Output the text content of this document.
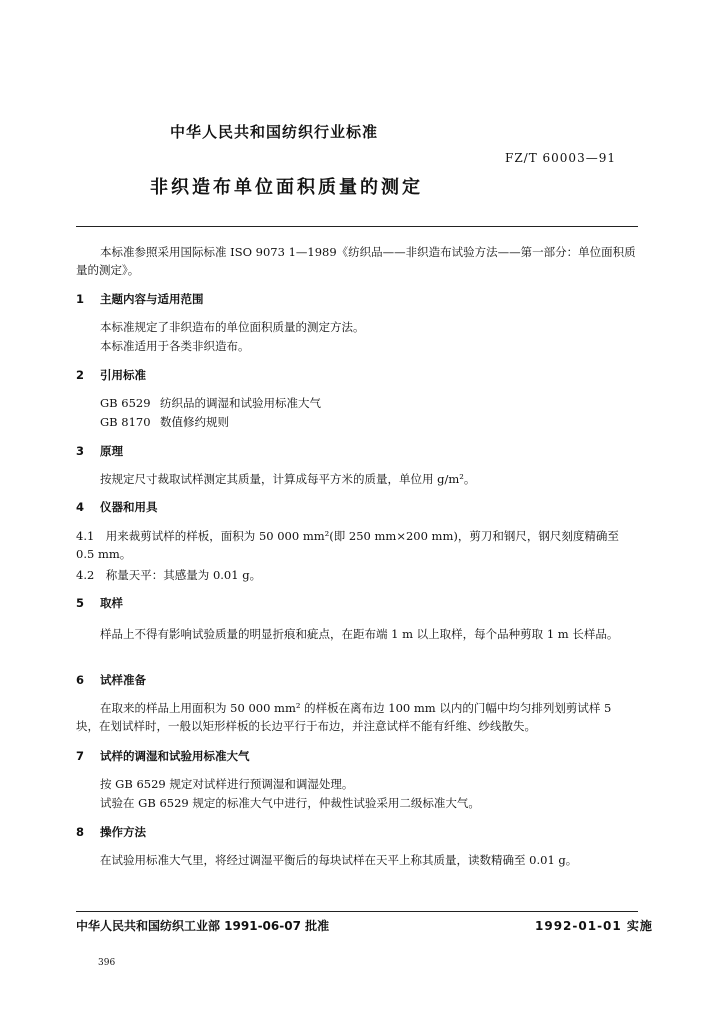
中华人民共和国纺织行业标准
FZ/T 60003—91
非织造布单位面积质量的测定
本标准参照采用国际标准 ISO 9073 1—1989《纺织品——非织造布试验方法——第一部分：单位面积质量的测定》。
1 主题内容与适用范围
本标准规定了非织造布的单位面积质量的测定方法。
本标准适用于各类非织造布。
2 引用标准
GB 6529 纺织品的调湿和试验用标准大气
GB 8170 数值修约规则
3 原理
按规定尺寸裁取试样测定其质量，计算成每平方米的质量，单位用 g/m²。
4 仪器和用具
4.1　用来裁剪试样的样板，面积为 50 000 mm²(即 250 mm×200 mm)，剪刀和钢尺，钢尺刻度精确至 0.5 mm。
4.2　称量天平：其感量为 0.01 g。
5 取样
样品上不得有影响试验质量的明显折痕和疵点，在距布端 1 m 以上取样，每个品种剪取 1 m 长样品。
6 试样准备
在取来的样品上用面积为 50 000 mm² 的样板在离布边 100 mm 以内的门幅中均匀排列划剪试样 5 块，在划试样时，一般以矩形样板的长边平行于布边，并注意试样不能有纤维、纱线散失。
7 试样的调湿和试验用标准大气
按 GB 6529 规定对试样进行预调湿和调湿处理。
试验在 GB 6529 规定的标准大气中进行，仲裁性试验采用二级标准大气。
8 操作方法
在试验用标准大气里，将经过调湿平衡后的每块试样在天平上称其质量，读数精确至 0.01 g。
中华人民共和国纺织工业部 1991-06-07 批准	1992-01-01 实施
396
